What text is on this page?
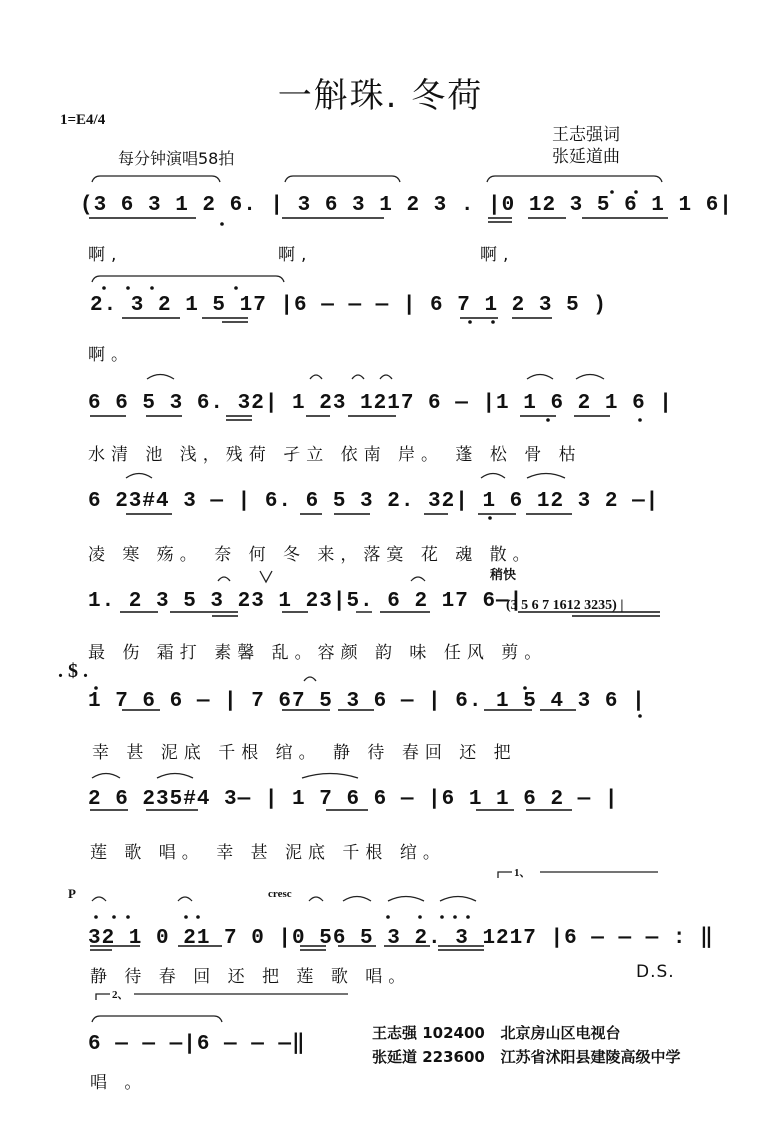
一斛珠. 冬荷
1=E4/4
每分钟演唱58拍
王志强词
张延道曲
(3 6 3 1 2 6. | 3 6 3 1 2 3 . |0 12 3 5 6 1 1 6|
啊,	啊,	啊,
2. 3 2 1 5 17 |6 — — — | 6 7 1 2 3 5 )
啊。
6 6 5 3 6. 32| 1 23 1217 6 — |1 1 6 2 1 6 |
水清 池 浅，残荷 孑立 依南 岸。 蓬 松 骨 枯
6 23#4 3 — | 6. 6 5 3 2. 32| 1 6 12 3 2 —|
凌 寒 殇。 奈 何 冬 来，落寞 花 魂 散。
稍快
1. 2 3 5 3 23 1 23|5. 6 2 17 6—|
(3 5 6 7 1612 3235) |
最 伤 霜打 素馨 乱。容颜 韵 味 任风 剪。
. $ .
1 7 6 6 — | 7 67 5 3 6 — | 6. 1 5 4 3 6 |
幸 甚 泥底 千根 绾。 静 待 春回 还 把
2 6 235#4 3— | 1 7 6 6 — |6 1 1 6 2 — |
莲 歌 唱。 幸 甚 泥底 千根 绾。
P	cresc
1、
32 1 0 21 7 0 |0 56 5 3 2. 3 1217 |6 — — — : ‖
静 待 春 回 还 把 莲 歌 唱。	D.S.
2、
6 — — —|6 — — —‖
唱 。
王志强 102400 北京房山区电视台
张延道 223600 江苏省沭阳县建陵高级中学
